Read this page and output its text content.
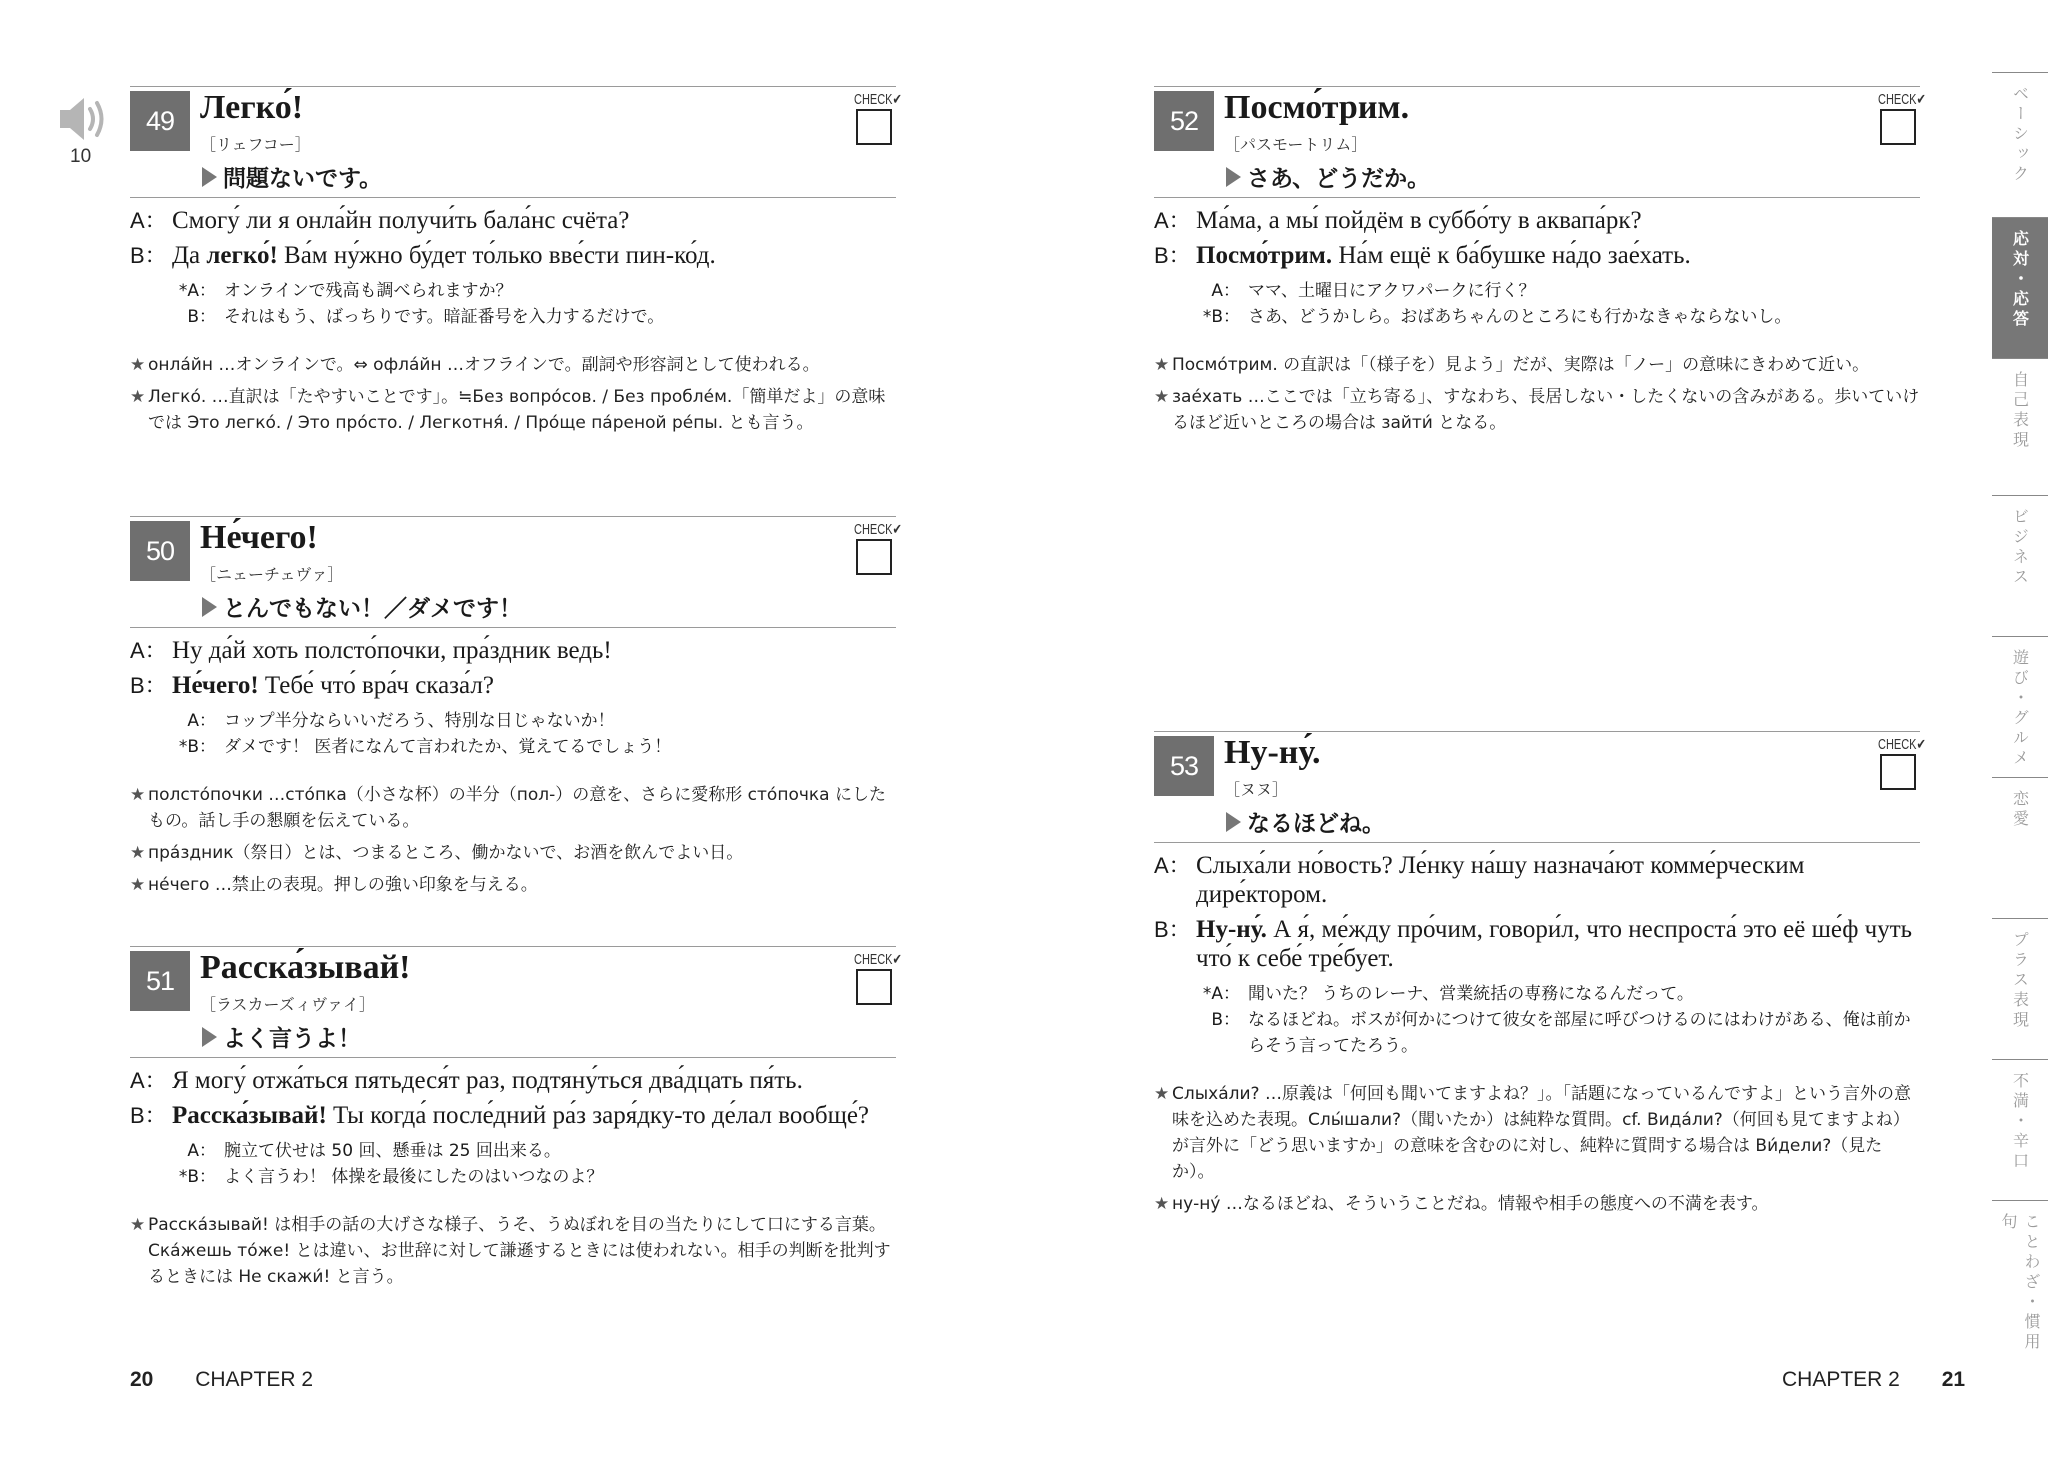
10
49 Легко́!
［リェフコー］
問題ないです。
CHECK✔
A： Смогу́ ли я онла́йн получи́ть бала́нс счёта?
B： Да легко́! Ва́м ну́жно бу́дет то́лько вве́сти пин-ко́д.
*A： オンラインで残高も調べられますか？
B： それはもう、ばっちりです。暗証番号を入力するだけで。
★ онла́йн …オンラインで。⇔ офла́йн …オフラインで。副詞や形容詞として使われる。
★ Легко́. …直訳は「たやすいことです」。≒Без вопро́сов. / Без пробле́м.「簡単だよ」の意味では Это легко́. / Это про́сто. / Легкотня́. / Про́ще па́реной ре́пы. とも言う。
50 Не́чего!
［ニェーチェヴァ］
とんでもない！／ダメです！
CHECK✔
A： Ну да́й хоть полсто́почки, пра́здник ведь!
B： Не́чего! Тебе́ что́ вра́ч сказа́л?
A： コップ半分ならいいだろう、特別な日じゃないか！
*B： ダメです！ 医者になんて言われたか、覚えてるでしょう！
★ полсто́почки …сто́пка（小さな杯）の半分（пол-）の意を、さらに愛称形 сто́почка にしたもの。話し手の懇願を伝えている。
★ пра́здник（祭日）とは、つまるところ、働かないで、お酒を飲んでよい日。
★ не́чего …禁止の表現。押しの強い印象を与える。
51 Расска́зывай!
［ラスカーズィヴァイ］
よく言うよ！
CHECK✔
A： Я могу́ отжа́ться пятьдеся́т раз, подтяну́ться два́дцать пя́ть.
B： Расска́зывай! Ты когда́ после́дний ра́з заря́дку-то де́лал вообще́?
A： 腕立て伏せは 50 回、懸垂は 25 回出来る。
*B： よく言うわ！ 体操を最後にしたのはいつなのよ？
★ Расска́зывай! は相手の話の大げさな様子、うそ、うぬぼれを目の当たりにして口にする言葉。Ска́жешь то́же! とは違い、お世辞に対して謙遜するときには使われない。相手の判断を批判するときには Не скажи́! と言う。
52 Посмо́трим.
［パスモートリム］
さあ、どうだか。
CHECK✔
A： Ма́ма, а мы́ пойдём в суббо́ту в аквапа́рк?
B： Посмо́трим. На́м ещё к ба́бушке на́до зае́хать.
A： ママ、土曜日にアクワパークに行く？
*B： さあ、どうかしら。おばあちゃんのところにも行かなきゃならないし。
★ Посмо́трим. の直訳は「（様子を）見よう」だが、実際は「ノー」の意味にきわめて近い。
★ зае́хать …ここでは「立ち寄る」、すなわち、長居しない・したくないの含みがある。歩いていけるほど近いところの場合は зайти́ となる。
53 Ну-ну́.
［ヌヌ］
なるほどね。
CHECK✔
A： Слыха́ли но́вость? Ле́нку на́шу назнача́ют комме́рческим дире́ктором.
B： Ну-ну́. А я́, ме́жду про́чим, говори́л, что неспроста́ это её ше́ф чуть что́ к себе́ тре́бует.
*A： 聞いた？ うちのレーナ、営業統括の専務になるんだって。
B： なるほどね。ボスが何かにつけて彼女を部屋に呼びつけるのにはわけがある、俺は前からそう言ってたろう。
★ Слыха́ли? …原義は「何回も聞いてますよね？」。「話題になっているんですよ」という言外の意味を込めた表現。Слы́шали?（聞いたか）は純粋な質問。cf. Вида́ли?（何回も見てますよね）が言外に「どう思いますか」の意味を含むのに対し、純粋に質問する場合は Ви́дели?（見たか）。
★ ну-ну́ …なるほどね、そういうことだね。情報や相手の態度への不満を表す。
20 CHAPTER 2	CHAPTER 2 21
ベーシック
応対・応答
自己表現
ビジネス
遊び・グルメ
恋愛
プラス表現
不満・辛口
ことわざ・慣用句
